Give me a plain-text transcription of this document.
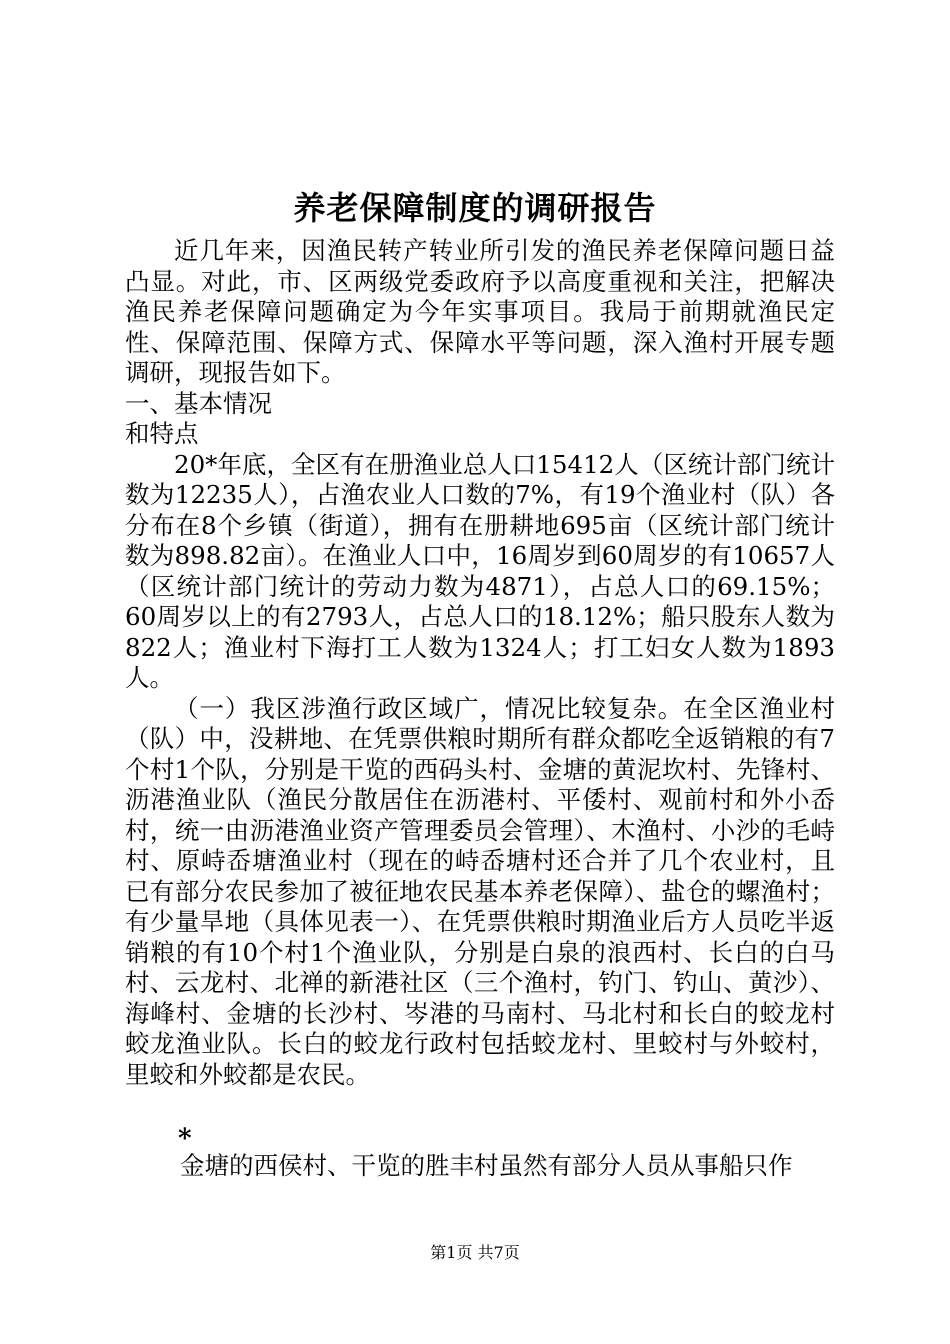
养老保障制度的调研报告

近几年来，因渔民转产转业所引发的渔民养老保障问题日益凸显。对此，市、区两级党委政府予以高度重视和关注，把解决渔民养老保障问题确定为今年实事项目。我局于前期就渔民定性、保障范围、保障方式、保障水平等问题，深入渔村开展专题调研，现报告如下。

一、基本情况

和特点

20*年底，全区有在册渔业总人口15412人（区统计部门统计数为12235人），占渔农业人口数的7%，有19个渔业村（队）各分布在8个乡镇（街道），拥有在册耕地695亩（区统计部门统计数为898.82亩）。在渔业人口中，16周岁到60周岁的有10657人（区统计部门统计的劳动力数为4871），占总人口的69.15%；60周岁以上的有2793人，占总人口的18.12%；船只股东人数为822人；渔业村下海打工人数为1324人；打工妇女人数为1893人。

（一）我区涉渔行政区域广，情况比较复杂。在全区渔业村（队）中，没耕地、在凭票供粮时期所有群众都吃全返销粮的有7个村1个队，分别是干览的西码头村、金塘的黄泥坎村、先锋村、沥港渔业队（渔民分散居住在沥港村、平倭村、观前村和外小岙村，统一由沥港渔业资产管理委员会管理）、木渔村、小沙的毛峙村、原峙岙塘渔业村（现在的峙岙塘村还合并了几个农业村，且已有部分农民参加了被征地农民基本养老保障）、盐仓的螺渔村；有少量旱地（具体见表一）、在凭票供粮时期渔业后方人员吃半返销粮的有10个村1个渔业队，分别是白泉的浪西村、长白的白马村、云龙村、北禅的新港社区（三个渔村，钓门、钓山、黄沙）、海峰村、金塘的长沙村、岑港的马南村、马北村和长白的蛟龙村蛟龙渔业队。长白的蛟龙行政村包括蛟龙村、里蛟村与外蛟村，里蛟和外蛟都是农民。

*
金塘的西侯村、干览的胜丰村虽然有部分人员从事船只作
第1页 共7页
